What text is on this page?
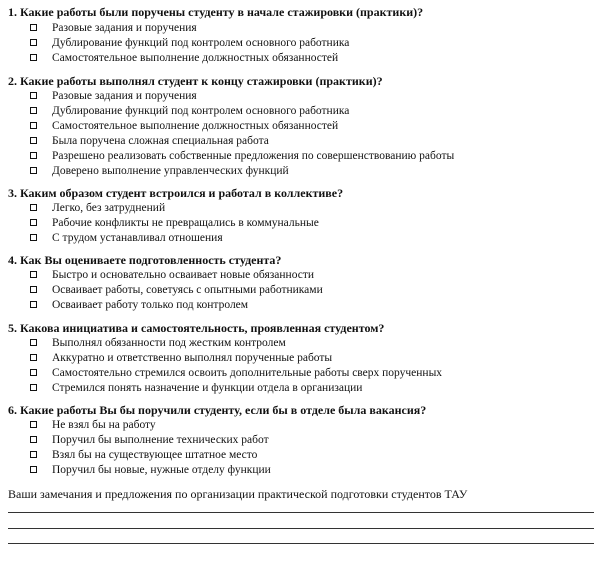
1. Какие работы были поручены студенту в начале стажировки (практики)?
Разовые задания и поручения
Дублирование функций под контролем основного работника
Самостоятельное выполнение должностных обязанностей
2. Какие работы выполнял студент к концу стажировки (практики)?
Разовые задания и поручения
Дублирование функций под контролем основного работника
Самостоятельное выполнение должностных обязанностей
Была поручена сложная специальная работа
Разрешено реализовать собственные предложения по совершенствованию работы
Доверено выполнение управленческих функций
3. Каким образом студент встроился и работал в коллективе?
Легко, без затруднений
Рабочие конфликты не превращались в коммунальные
С трудом устанавливал отношения
4. Как Вы оцениваете подготовленность студента?
Быстро и основательно осваивает новые обязанности
Осваивает работы, советуясь с опытными работниками
Осваивает работу только под контролем
5. Какова инициатива и самостоятельность, проявленная студентом?
Выполнял обязанности под жестким контролем
Аккуратно и ответственно выполнял порученные работы
Самостоятельно стремился освоить дополнительные работы сверх порученных
Стремился понять назначение и функции отдела в организации
6. Какие работы Вы бы поручили студенту, если бы в отделе была вакансия?
Не взял бы на работу
Поручил бы выполнение технических работ
Взял бы на существующее штатное место
Поручил бы новые, нужные отделу функции
Ваши замечания и предложения по организации практической подготовки студентов ТАУ
